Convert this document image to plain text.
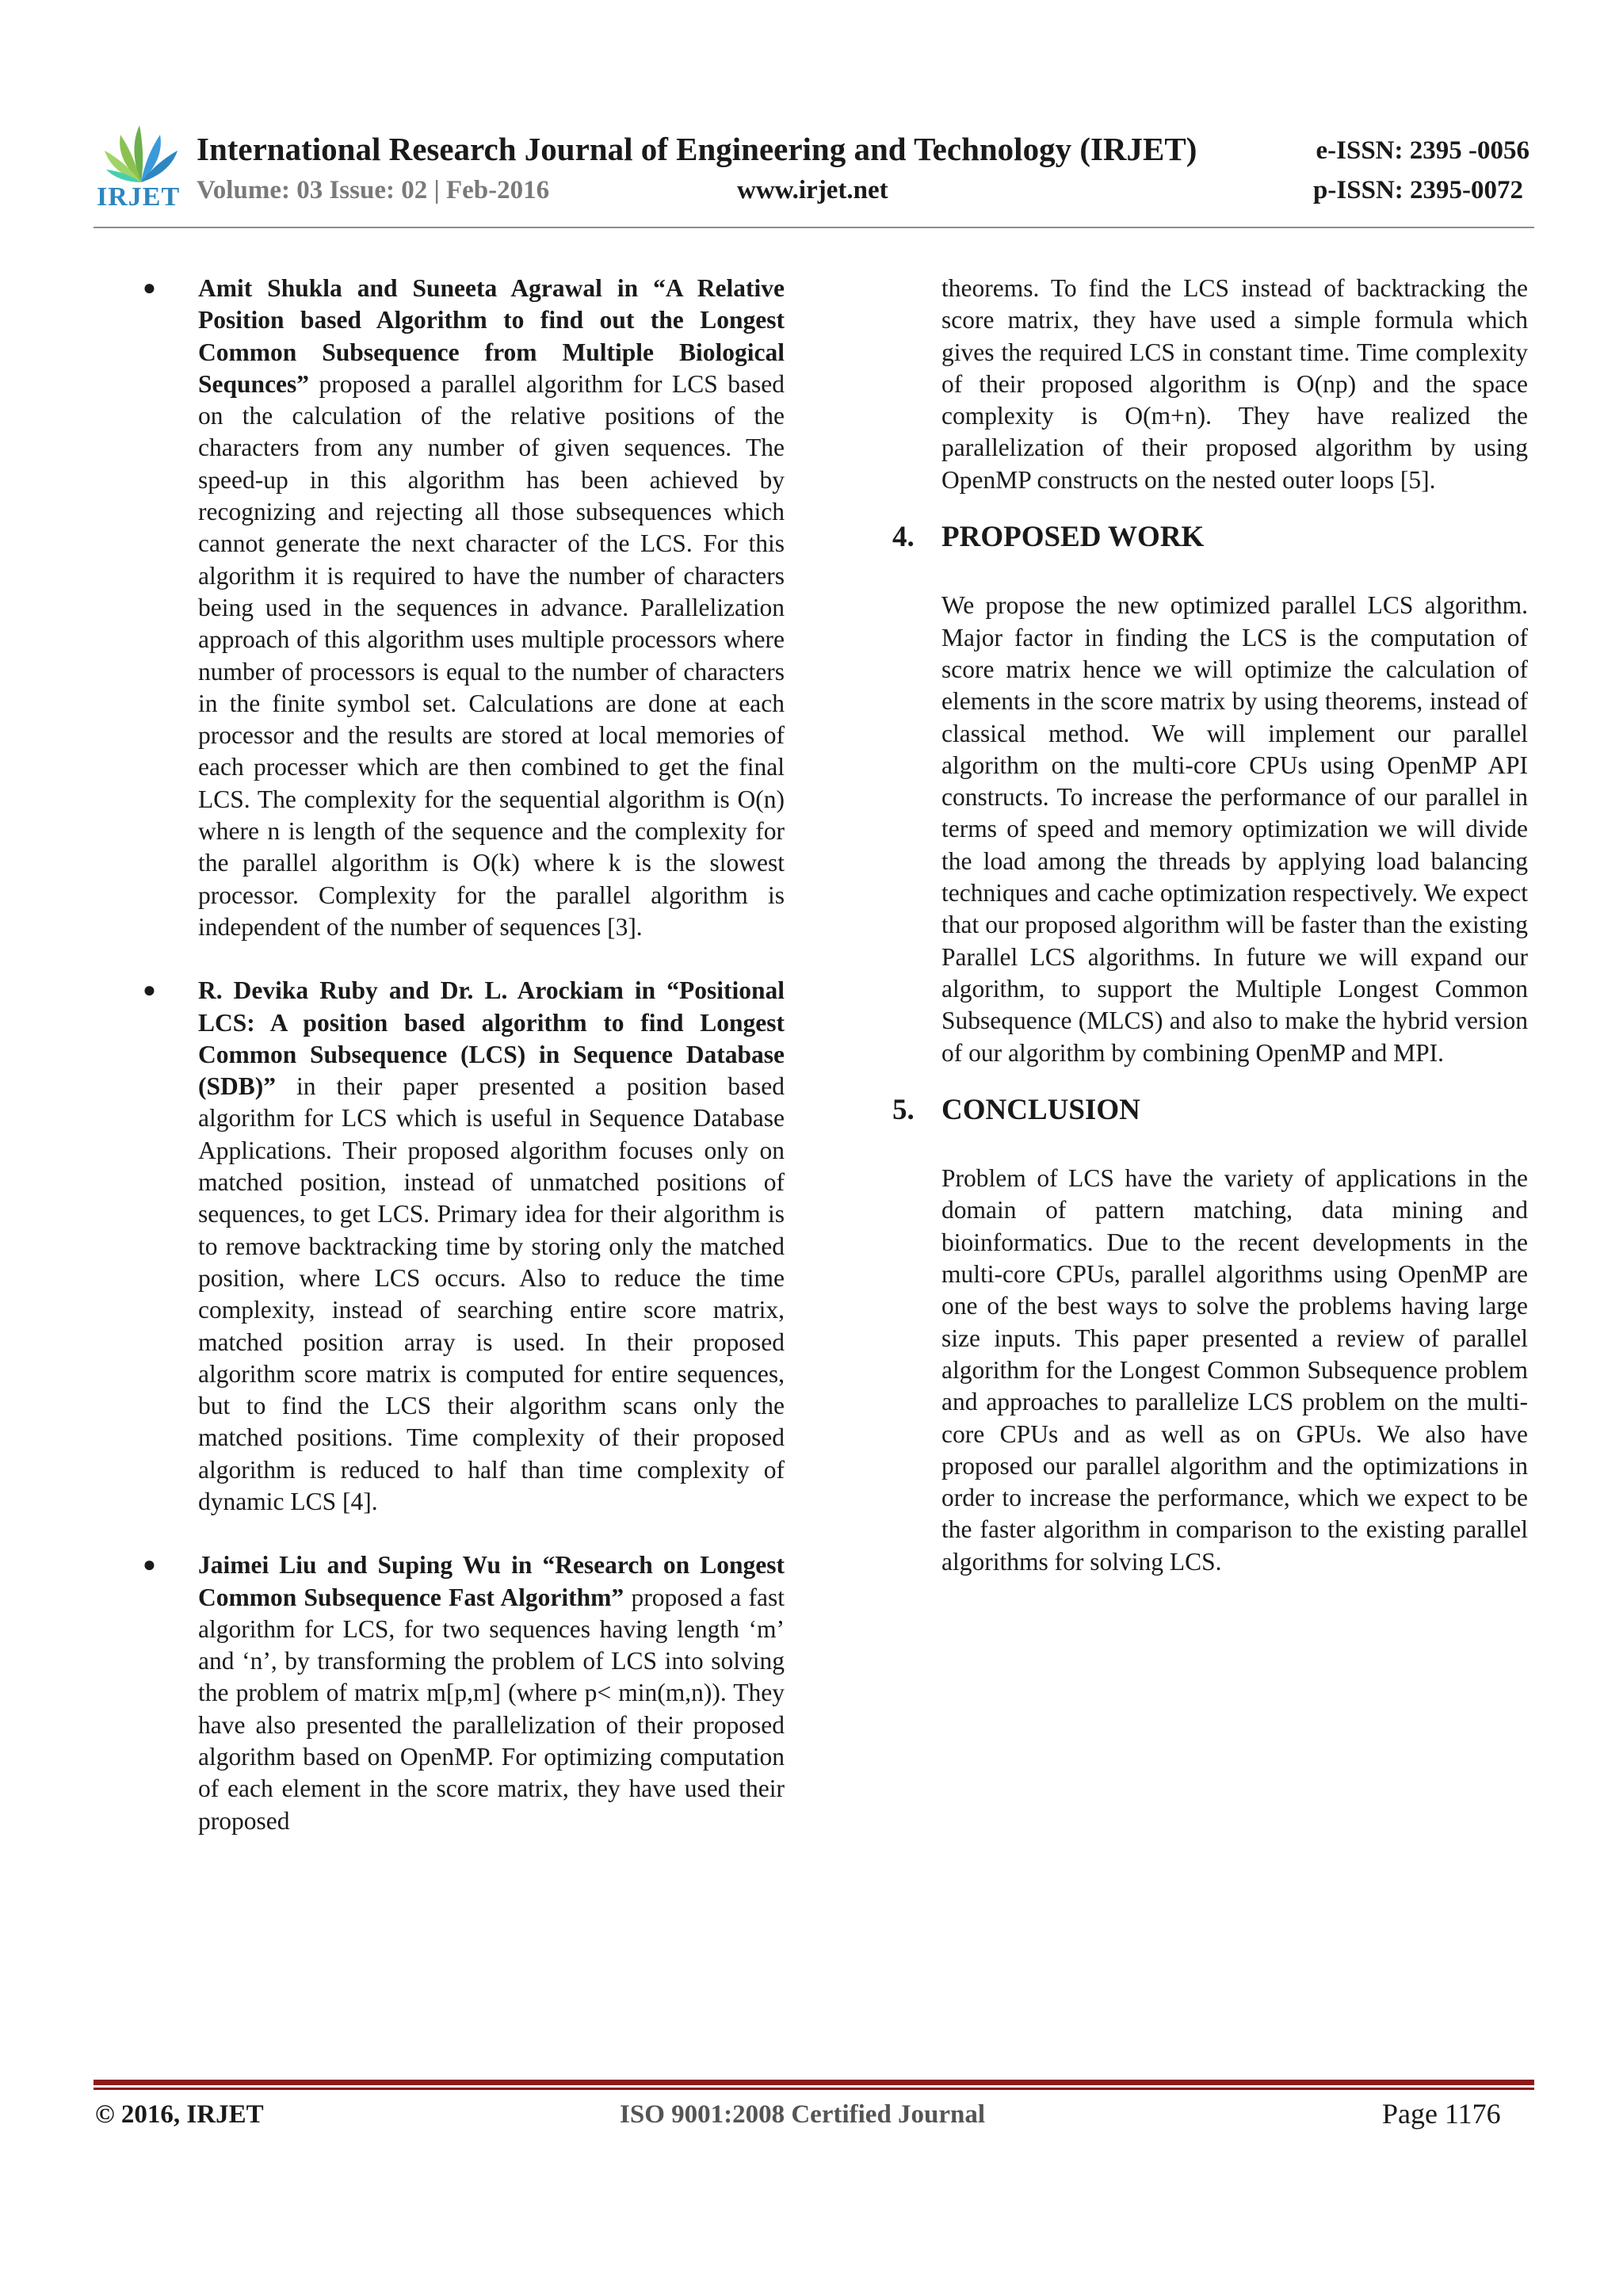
IRJET
International Research Journal of Engineering and Technology (IRJET)	e-ISSN: 2395 -0056
Volume: 03 Issue: 02 | Feb-2016	www.irjet.net	p-ISSN: 2395-0072
● Amit Shukla and Suneeta Agrawal in “A Relative Position based Algorithm to find out the Longest Common Subsequence from Multiple Biological Sequnces” proposed a parallel algorithm for LCS based on the calculation of the relative positions of the characters from any number of given sequences. The speed-up in this algorithm has been achieved by recognizing and rejecting all those subsequences which cannot generate the next character of the LCS. For this algorithm it is required to have the number of characters being used in the sequences in advance. Parallelization approach of this algorithm uses multiple processors where number of processors is equal to the number of characters in the finite symbol set. Calculations are done at each processor and the results are stored at local memories of each processer which are then combined to get the final LCS. The complexity for the sequential algorithm is O(n) where n is length of the sequence and the complexity for the parallel algorithm is O(k) where k is the slowest processor. Complexity for the parallel algorithm is independent of the number of sequences [3].
● R. Devika Ruby and Dr. L. Arockiam in “Positional LCS: A position based algorithm to find Longest Common Subsequence (LCS) in Sequence Database (SDB)” in their paper presented a position based algorithm for LCS which is useful in Sequence Database Applications. Their proposed algorithm focuses only on matched position, instead of unmatched positions of sequences, to get LCS. Primary idea for their algorithm is to remove backtracking time by storing only the matched position, where LCS occurs. Also to reduce the time complexity, instead of searching entire score matrix, matched position array is used. In their proposed algorithm score matrix is computed for entire sequences, but to find the LCS their algorithm scans only the matched positions. Time complexity of their proposed algorithm is reduced to half than time complexity of dynamic LCS [4].
● Jaimei Liu and Suping Wu in “Research on Longest Common Subsequence Fast Algorithm” proposed a fast algorithm for LCS, for two sequences having length ‘m’ and ‘n’, by transforming the problem of LCS into solving the problem of matrix m[p,m] (where p< min(m,n)). They have also presented the parallelization of their proposed algorithm based on OpenMP. For optimizing computation of each element in the score matrix, they have used their proposed

theorems. To find the LCS instead of backtracking the score matrix, they have used a simple formula which gives the required LCS in constant time. Time complexity of their proposed algorithm is O(np) and the space complexity is O(m+n). They have realized the parallelization of their proposed algorithm by using OpenMP constructs on the nested outer loops [5].

4. PROPOSED WORK

We propose the new optimized parallel LCS algorithm. Major factor in finding the LCS is the computation of score matrix hence we will optimize the calculation of elements in the score matrix by using theorems, instead of classical method. We will implement our parallel algorithm on the multi-core CPUs using OpenMP API constructs. To increase the performance of our parallel in terms of speed and memory optimization we will divide the load among the threads by applying load balancing techniques and cache optimization respectively. We expect that our proposed algorithm will be faster than the existing Parallel LCS algorithms. In future we will expand our algorithm, to support the Multiple Longest Common Subsequence (MLCS) and also to make the hybrid version of our algorithm by combining OpenMP and MPI.

5. CONCLUSION

Problem of LCS have the variety of applications in the domain of pattern matching, data mining and bioinformatics. Due to the recent developments in the multi-core CPUs, parallel algorithms using OpenMP are one of the best ways to solve the problems having large size inputs. This paper presented a review of parallel algorithm for the Longest Common Subsequence problem and approaches to parallelize LCS problem on the multi-core CPUs and as well as on GPUs. We also have proposed our parallel algorithm and the optimizations in order to increase the performance, which we expect to be the faster algorithm in comparison to the existing parallel algorithms for solving LCS.

© 2016, IRJET	ISO 9001:2008 Certified Journal	Page 1176
